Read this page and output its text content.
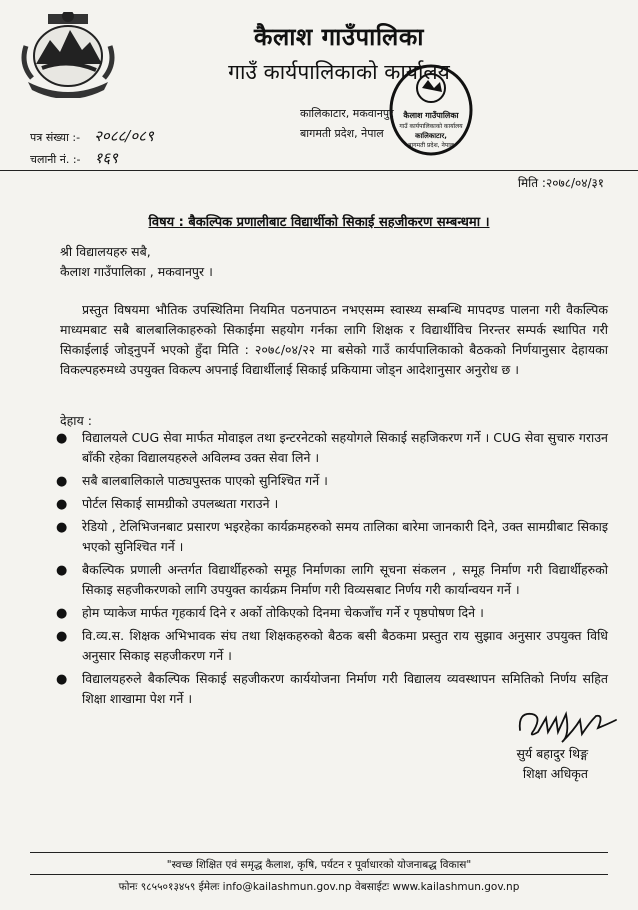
कैलाश गाउँपालिका
गाउँ कार्यपालिकाको कार्यालय
कालिकाटार, मकवानपुर
बागमती प्रदेश, नेपाल
कैलाश गाउँपालिका
गाउँ कार्यपालिकाको कार्यालय
कालिकाटार,
बागमती प्रदेश, नेपाल
पत्र संख्या :- २०८८/०८९
चलानी नं. :- १६९
मिति :२०७८/०४/३१
विषय : बैकल्पिक प्रणालीबाट विद्यार्थीको सिकाई सहजीकरण सम्बन्धमा ।
श्री विद्यालयहरु सबै,
कैलाश गाउँपालिका , मकवानपुर ।
प्रस्तुत विषयमा भौतिक उपस्थितिमा नियमित पठनपाठन नभएसम्म स्वास्थ्य सम्बन्धि मापदण्ड पालना गरी वैकल्पिक माध्यमबाट सबै बालबालिकाहरुको सिकाईमा सहयोग गर्नका लागि शिक्षक र विद्यार्थीविच निरन्तर सम्पर्क स्थापित गरी सिकाईलाई जोड्नुपर्ने भएको हुँदा मिति : २०७८/०४/२२ मा बसेको गाउँ कार्यपालिकाको बैठकको निर्णयानुसार देहायका विकल्पहरुमध्ये उपयुक्त विकल्प अपनाई विद्यार्थीलाई सिकाई प्रकियामा जोड्न आदेशानुसार अनुरोध छ ।
देहाय :
● विद्यालयले CUG सेवा मार्फत मोवाइल तथा इन्टरनेटको सहयोगले सिकाई सहजिकरण गर्ने । CUG सेवा सुचारु गराउन बाँकी रहेका विद्यालयहरुले अविलम्व उक्त सेवा लिने ।
● सबै बालबालिकाले पाठ्यपुस्तक पाएको सुनिश्चित गर्ने ।
● पोर्टल सिकाई सामग्रीको उपलब्धता गराउने ।
● रेडियो , टेलिभिजनबाट प्रसारण भइरहेका कार्यक्रमहरुको समय तालिका बारेमा जानकारी दिने, उक्त सामग्रीबाट सिकाइ भएको सुनिश्चित गर्ने ।
● बैकल्पिक प्रणाली अन्तर्गत विद्यार्थीहरुको समूह निर्माणका लागि सूचना संकलन , समूह निर्माण गरी विद्यार्थीहरुको सिकाइ सहजीकरणको लागि उपयुक्त कार्यक्रम निर्माण गरी विव्यसबाट निर्णय गरी कार्यान्वयन गर्ने ।
● होम प्याकेज मार्फत गृहकार्य दिने र अर्को तोकिएको दिनमा चेकजाँच गर्ने र पृष्ठपोषण दिने ।
● वि.व्य.स. शिक्षक अभिभावक संघ तथा शिक्षकहरुको बैठक बसी बैठकमा प्रस्तुत राय सुझाव अनुसार उपयुक्त विधि अनुसार सिकाइ सहजीकरण गर्ने ।
● विद्यालयहरुले बैकल्पिक सिकाई सहजीकरण कार्ययोजना निर्माण गरी विद्यालय व्यवस्थापन समितिको निर्णय सहित शिक्षा शाखामा पेश गर्ने ।
सुर्य बहादुर थिङ्ग
शिक्षा अधिकृत
"स्वच्छ शिक्षित एवं समृद्ध कैलाश, कृषि, पर्यटन र पूर्वाधारको योजनाबद्ध विकास"
फोनः ९८५५०१३४५९ ईमेलः info@kailashmun.gov.np वेबसाईटः www.kailashmun.gov.np
